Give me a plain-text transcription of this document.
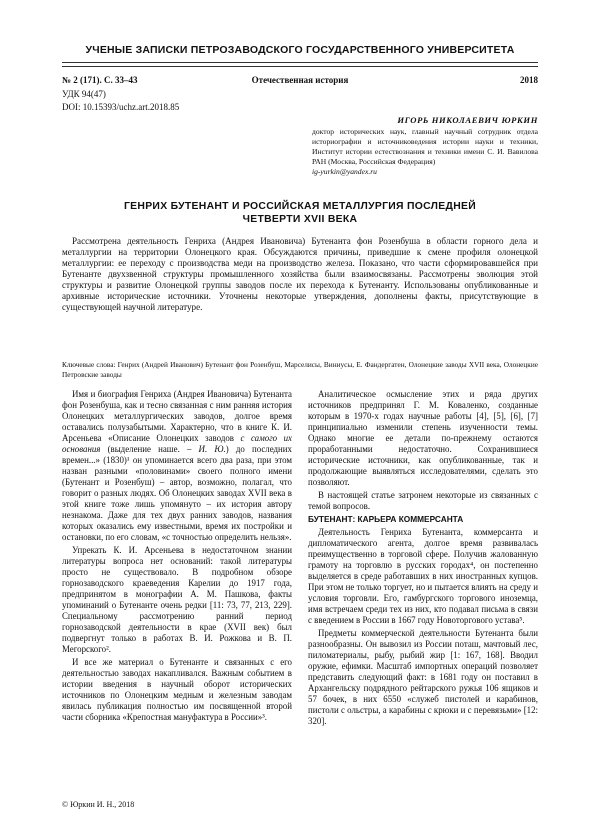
УЧЕНЫЕ ЗАПИСКИ ПЕТРОЗАВОДСКОГО ГОСУДАРСТВЕННОГО УНИВЕРСИТЕТА
№ 2 (171). С. 33–43	Отечественная история	2018
УДК 94(47)
DOI: 10.15393/uchz.art.2018.85
ИГОРЬ НИКОЛАЕВИЧ ЮРКИН
доктор исторических наук, главный научный сотрудник отдела историографии и источниковедения истории науки и техники, Институт истории естествознания и техники имени С. И. Вавилова РАН (Москва, Российская Федерация)
ig-yurkin@yandex.ru
ГЕНРИХ БУТЕНАНТ И РОССИЙСКАЯ МЕТАЛЛУРГИЯ ПОСЛЕДНЕЙ
ЧЕТВЕРТИ XVII ВЕКА

Рассмотрена деятельность Генриха (Андрея Ивановича) Бутенанта фон Розенбуша в области горного дела и металлургии на территории Олонецкого края. Обсуждаются причины, приведшие к смене профиля олонецкой металлургии: ее переходу с производства меди на производство железа. Показано, что части сформировавшейся при Бутенанте двухзвенной структуры промышленного хозяйства были взаимосвязаны. Рассмотрены эволюция этой структуры и развитие Олонецкой группы заводов после их перехода к Бутенанту. Использованы опубликованные и архивные исторические источники. Уточнены некоторые утверждения, дополнены факты, присутствующие в существующей научной литературе.

Ключевые слова: Генрих (Андрей Иванович) Бутенант фон Розенбуш, Марселисы, Виниусы, Е. Фандергатен, Олонецкие заводы XVII века, Олонецкие Петровские заводы

Имя и биография Генриха (Андрея Ивановича) Бутенанта фон Розенбуша, как и тесно связанная с ним ранняя история Олонецких металлургических заводов, долгое время оставались полузабытыми. Характерно, что в книге К. И. Арсеньева «Описание Олонецких заводов с самого их основания (выделение наше. – И. Ю.) до последних времен...» (1830)¹ он упоминается всего два раза, при этом назван разными «половинами» своего полного имени (Бутенант и Розенбуш) – автор, возможно, полагал, что говорит о разных людях. Об Олонецких заводах XVII века в этой книге тоже лишь упомянуто – их история автору незнакома. Даже для тех двух ранних заводов, названия которых оказались ему известными, время их постройки и остановки, по его словам, «с точностью определить нельзя».

Упрекать К. И. Арсеньева в недостаточном знании литературы вопроса нет оснований: такой литературы просто не существовало. В подробном обзоре горнозаводского краеведения Карелии до 1917 года, предпринятом в монографии А. М. Пашкова, факты упоминаний о Бутенанте очень редки [11: 73, 77, 213, 229]. Специальному рассмотрению ранний период горнозаводской деятельности в крае (XVII век) был подвергнут только в работах В. И. Рожкова и В. П. Мегорского².

И все же материал о Бутенанте и связанных с его деятельностью заводах накапливался. Важным событием в истории введения в научный оборот исторических источников по Олонецким медным и железным заводам явилась публикация полностью им посвященной второй части сборника «Крепостная мануфактура в России»³.

Аналитическое осмысление этих и ряда других источников предпринял Г. М. Коваленко, созданные которым в 1970-х годах научные работы [4], [5], [6], [7] принципиально изменили степень изученности темы. Однако многие ее детали по-прежнему остаются проработанными недостаточно. Сохранившиеся исторические источники, как опубликованные, так и продолжающие выявляться исследователями, сделать это позволяют.

В настоящей статье затронем некоторые из связанных с темой вопросов.

БУТЕНАНТ: КАРЬЕРА КОММЕРСАНТА

Деятельность Генриха Бутенанта, коммерсанта и дипломатического агента, долгое время развивалась преимущественно в торговой сфере. Получив жалованную грамоту на торговлю в русских городах⁴, он постепенно выделяется в среде работавших в них иностранных купцов. При этом не только торгует, но и пытается влиять на среду и условия торговли. Его, гамбургского торгового иноземца, имя встречаем среди тех из них, кто подавал письма в связи с введением в России в 1667 году Новоторгового устава⁵.

Предметы коммерческой деятельности Бутенанта были разнообразны. Он вывозил из России поташ, мачтовый лес, пиломатериалы, рыбу, рыбий жир [1: 167, 168]. Вводил оружие, ефимки. Масштаб импортных операций позволяет представить следующий факт: в 1681 году он поставил в Архангельску подрядного рейтарского ружья 106 ящиков и 57 бочек, в них 6550 «служеб пистолей и карабинов, пистоли с ольстры, а карабины с крюки и с перевязьми» [12: 320].

© Юркин И. Н., 2018
